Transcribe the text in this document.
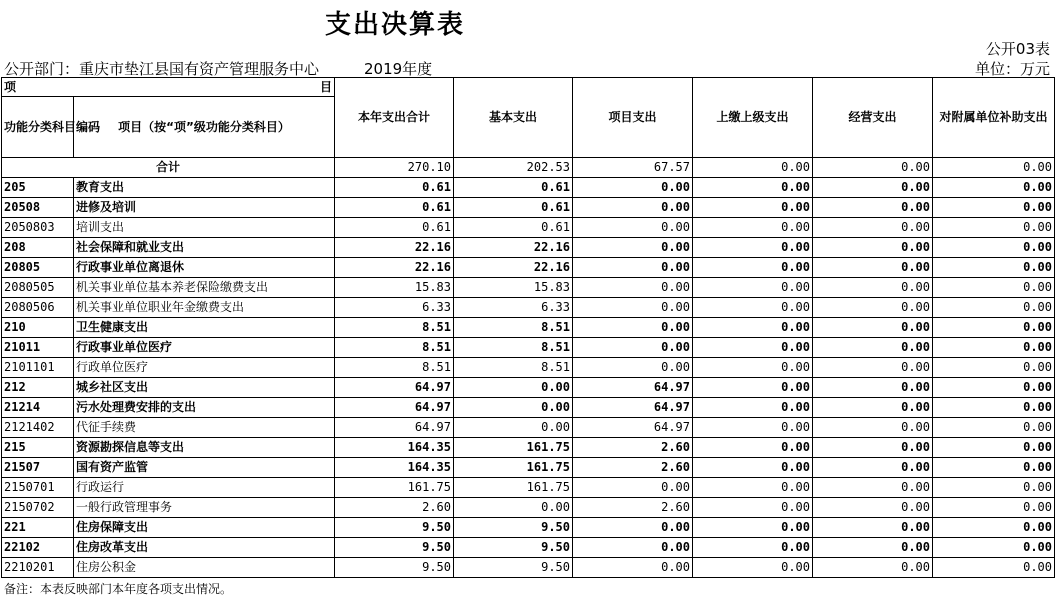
支出决算表
公开03表
公开部门：重庆市垫江县国有资产管理服务中心	2019年度	单位：万元
项 目		本年支出合计	基本支出	项目支出	上缴上级支出	经营支出	对附属单位补助支出
功能分类科目编码	项目（按“项”级功能分类科目）						
合计		270.10	202.53	67.57	0.00	0.00	0.00
205	教育支出	0.61	0.61	0.00	0.00	0.00	0.00
20508	进修及培训	0.61	0.61	0.00	0.00	0.00	0.00
2050803	培训支出	0.61	0.61	0.00	0.00	0.00	0.00
208	社会保障和就业支出	22.16	22.16	0.00	0.00	0.00	0.00
20805	行政事业单位离退休	22.16	22.16	0.00	0.00	0.00	0.00
2080505	机关事业单位基本养老保险缴费支出	15.83	15.83	0.00	0.00	0.00	0.00
2080506	机关事业单位职业年金缴费支出	6.33	6.33	0.00	0.00	0.00	0.00
210	卫生健康支出	8.51	8.51	0.00	0.00	0.00	0.00
21011	行政事业单位医疗	8.51	8.51	0.00	0.00	0.00	0.00
2101101	行政单位医疗	8.51	8.51	0.00	0.00	0.00	0.00
212	城乡社区支出	64.97	0.00	64.97	0.00	0.00	0.00
21214	污水处理费安排的支出	64.97	0.00	64.97	0.00	0.00	0.00
2121402	代征手续费	64.97	0.00	64.97	0.00	0.00	0.00
215	资源勘探信息等支出	164.35	161.75	2.60	0.00	0.00	0.00
21507	国有资产监管	164.35	161.75	2.60	0.00	0.00	0.00
2150701	行政运行	161.75	161.75	0.00	0.00	0.00	0.00
2150702	一般行政管理事务	2.60	0.00	2.60	0.00	0.00	0.00
221	住房保障支出	9.50	9.50	0.00	0.00	0.00	0.00
22102	住房改革支出	9.50	9.50	0.00	0.00	0.00	0.00
2210201	住房公积金	9.50	9.50	0.00	0.00	0.00	0.00
备注：本表反映部门本年度各项支出情况。
